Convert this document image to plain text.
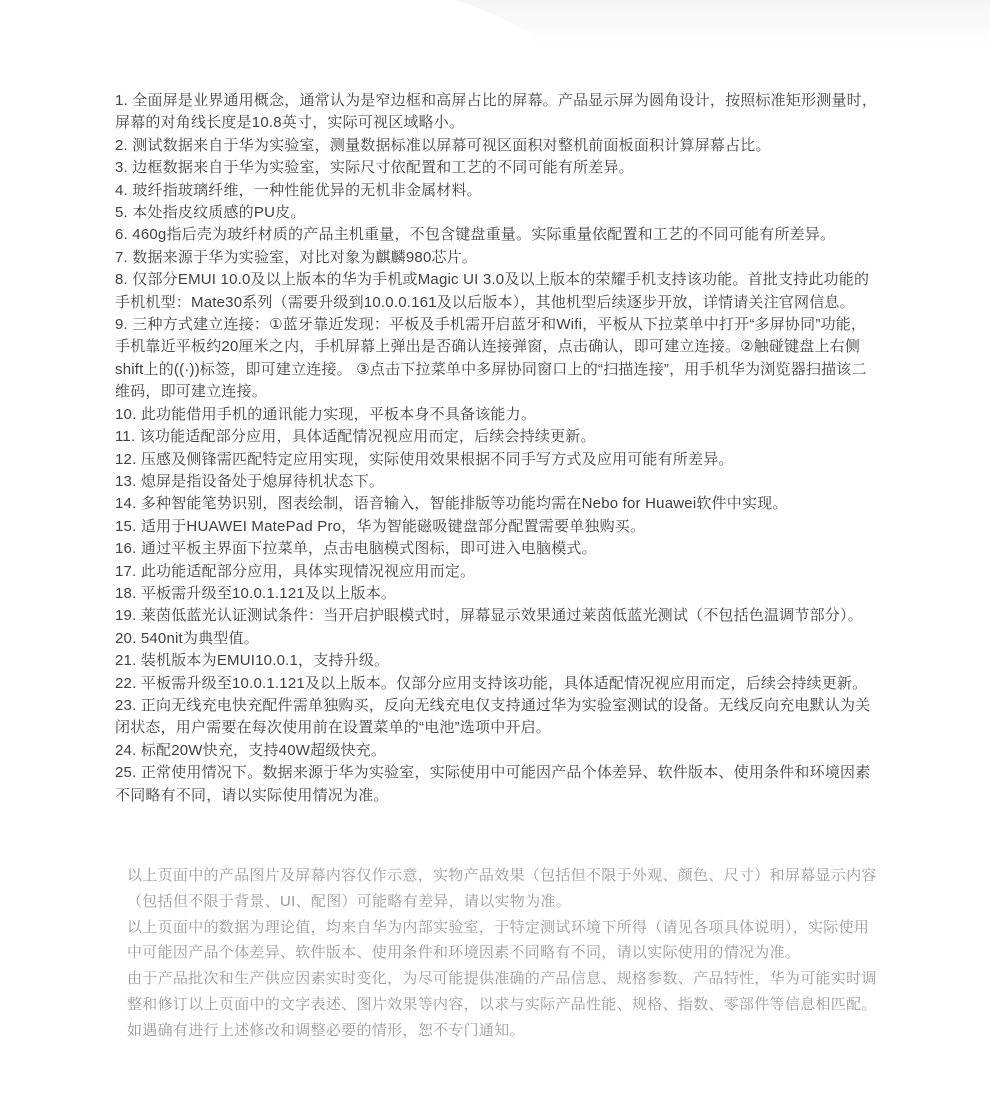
1. 全面屏是业界通用概念，通常认为是窄边框和高屏占比的屏幕。产品显示屏为圆角设计，按照标准矩形测量时，屏幕的对角线长度是10.8英寸，实际可视区域略小。

2. 测试数据来自于华为实验室，测量数据标准以屏幕可视区面积对整机前面板面积计算屏幕占比。

3. 边框数据来自于华为实验室，实际尺寸依配置和工艺的不同可能有所差异。

4. 玻纤指玻璃纤维，一种性能优异的无机非金属材料。

5. 本处指皮纹质感的PU皮。

6. 460g指后壳为玻纤材质的产品主机重量，不包含键盘重量。实际重量依配置和工艺的不同可能有所差异。

7. 数据来源于华为实验室，对比对象为麒麟980芯片。

8. 仅部分EMUI 10.0及以上版本的华为手机或Magic UI 3.0及以上版本的荣耀手机支持该功能。首批支持此功能的手机机型：Mate30系列（需要升级到10.0.0.161及以后版本），其他机型后续逐步开放，详情请关注官网信息。

9. 三种方式建立连接：①蓝牙靠近发现：平板及手机需开启蓝牙和Wifi，平板从下拉菜单中打开“多屏协同”功能，手机靠近平板约20厘米之内，手机屏幕上弹出是否确认连接弹窗，点击确认，即可建立连接。②触碰键盘上右侧shift上的((·))标签，即可建立连接。 ③点击下拉菜单中多屏协同窗口上的“扫描连接”，用手机华为浏览器扫描该二维码，即可建立连接。

10. 此功能借用手机的通讯能力实现，平板本身不具备该能力。

11. 该功能适配部分应用，具体适配情况视应用而定，后续会持续更新。

12. 压感及侧锋需匹配特定应用实现，实际使用效果根据不同手写方式及应用可能有所差异。

13. 熄屏是指设备处于熄屏待机状态下。

14. 多种智能笔势识别，图表绘制，语音输入，智能排版等功能均需在Nebo for Huawei软件中实现。

15. 适用于HUAWEI MatePad Pro，华为智能磁吸键盘部分配置需要单独购买。

16. 通过平板主界面下拉菜单，点击电脑模式图标，即可进入电脑模式。

17. 此功能适配部分应用，具体实现情况视应用而定。

18. 平板需升级至10.0.1.121及以上版本。

19. 莱茵低蓝光认证测试条件：当开启护眼模式时，屏幕显示效果通过莱茵低蓝光测试（不包括色温调节部分）。

20. 540nit为典型值。

21. 装机版本为EMUI10.0.1，支持升级。

22. 平板需升级至10.0.1.121及以上版本。仅部分应用支持该功能，具体适配情况视应用而定，后续会持续更新。

23. 正向无线充电快充配件需单独购买，反向无线充电仅支持通过华为实验室测试的设备。无线反向充电默认为关闭状态，用户需要在每次使用前在设置菜单的“电池”选项中开启。

24. 标配20W快充，支持40W超级快充。

25. 正常使用情况下。数据来源于华为实验室，实际使用中可能因产品个体差异、软件版本、使用条件和环境因素不同略有不同，请以实际使用情况为准。

以上页面中的产品图片及屏幕内容仅作示意，实物产品效果（包括但不限于外观、颜色、尺寸）和屏幕显示内容（包括但不限于背景、UI、配图）可能略有差异，请以实物为准。

以上页面中的数据为理论值，均来自华为内部实验室，于特定测试环境下所得（请见各项具体说明），实际使用中可能因产品个体差异、软件版本、使用条件和环境因素不同略有不同，请以实际使用的情况为准。

由于产品批次和生产供应因素实时变化，为尽可能提供准确的产品信息、规格参数、产品特性，华为可能实时调整和修订以上页面中的文字表述、图片效果等内容，以求与实际产品性能、规格、指数、零部件等信息相匹配。

如遇确有进行上述修改和调整必要的情形，恕不专门通知。
